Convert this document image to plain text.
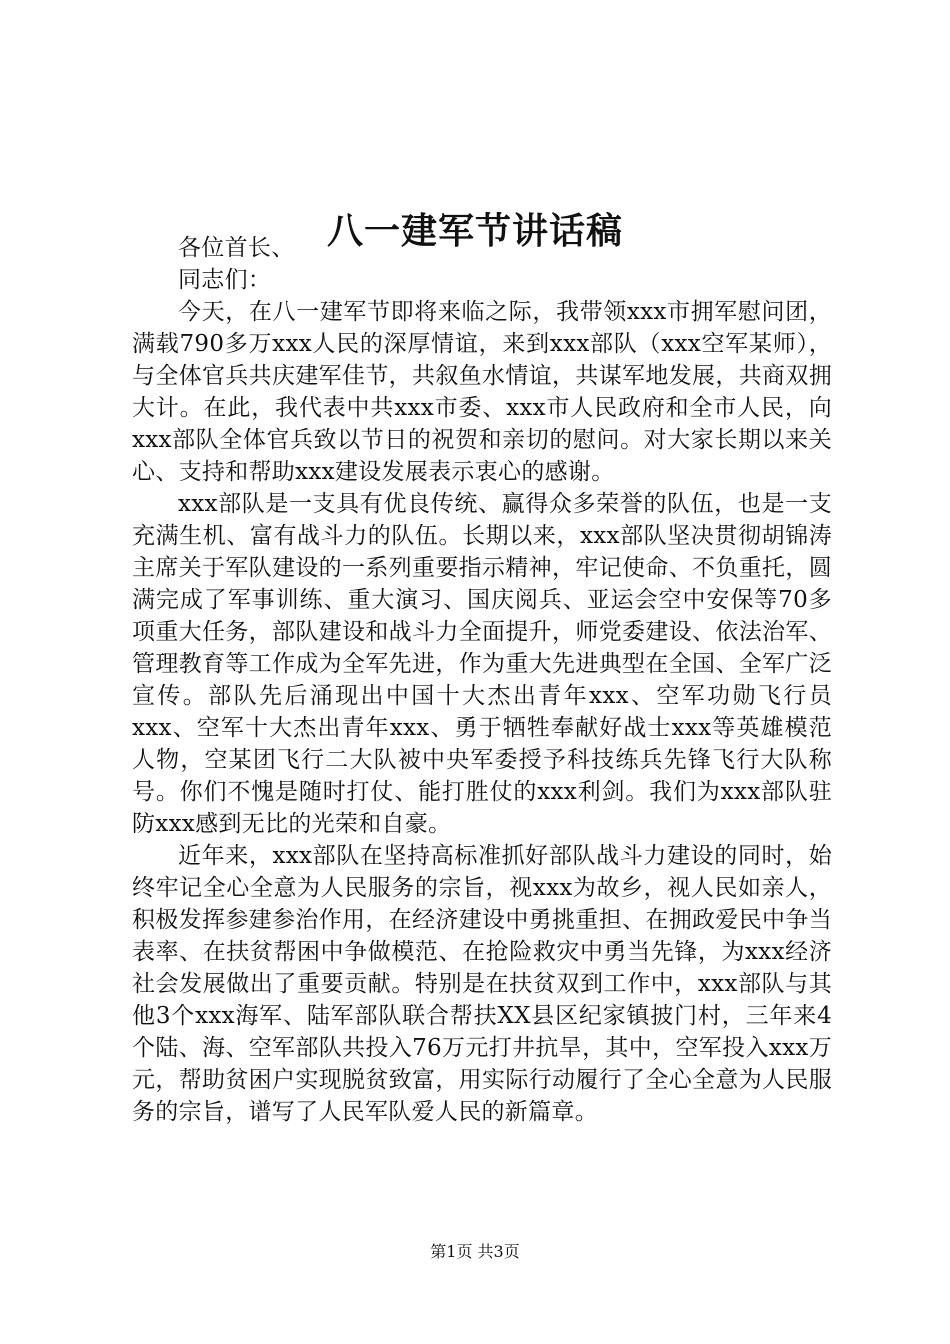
八一建军节讲话稿

各位首长、

同志们：

今天，在八一建军节即将来临之际，我带领xxx市拥军慰问团，满载790多万xxx人民的深厚情谊，来到xxx部队（xxx空军某师），与全体官兵共庆建军佳节，共叙鱼水情谊，共谋军地发展，共商双拥大计。在此，我代表中共xxx市委、xxx市人民政府和全市人民，向xxx部队全体官兵致以节日的祝贺和亲切的慰问。对大家长期以来关心、支持和帮助xxx建设发展表示衷心的感谢。

xxx部队是一支具有优良传统、赢得众多荣誉的队伍，也是一支充满生机、富有战斗力的队伍。长期以来，xxx部队坚决贯彻胡锦涛主席关于军队建设的一系列重要指示精神，牢记使命、不负重托，圆满完成了军事训练、重大演习、国庆阅兵、亚运会空中安保等70多项重大任务，部队建设和战斗力全面提升，师党委建设、依法治军、管理教育等工作成为全军先进，作为重大先进典型在全国、全军广泛宣传。部队先后涌现出中国十大杰出青年xxx、空军功勋飞行员xxx、空军十大杰出青年xxx、勇于牺牲奉献好战士xxx等英雄模范人物，空某团飞行二大队被中央军委授予科技练兵先锋飞行大队称号。你们不愧是随时打仗、能打胜仗的xxx利剑。我们为xxx部队驻防xxx感到无比的光荣和自豪。

近年来，xxx部队在坚持高标准抓好部队战斗力建设的同时，始终牢记全心全意为人民服务的宗旨，视xxx为故乡，视人民如亲人，积极发挥参建参治作用，在经济建设中勇挑重担、在拥政爱民中争当表率、在扶贫帮困中争做模范、在抢险救灾中勇当先锋，为xxx经济社会发展做出了重要贡献。特别是在扶贫双到工作中，xxx部队与其他3个xxx海军、陆军部队联合帮扶XX县区纪家镇披门村，三年来4个陆、海、空军部队共投入76万元打井抗旱，其中，空军投入xxx万元，帮助贫困户实现脱贫致富，用实际行动履行了全心全意为人民服务的宗旨，谱写了人民军队爱人民的新篇章。

第1页 共3页
